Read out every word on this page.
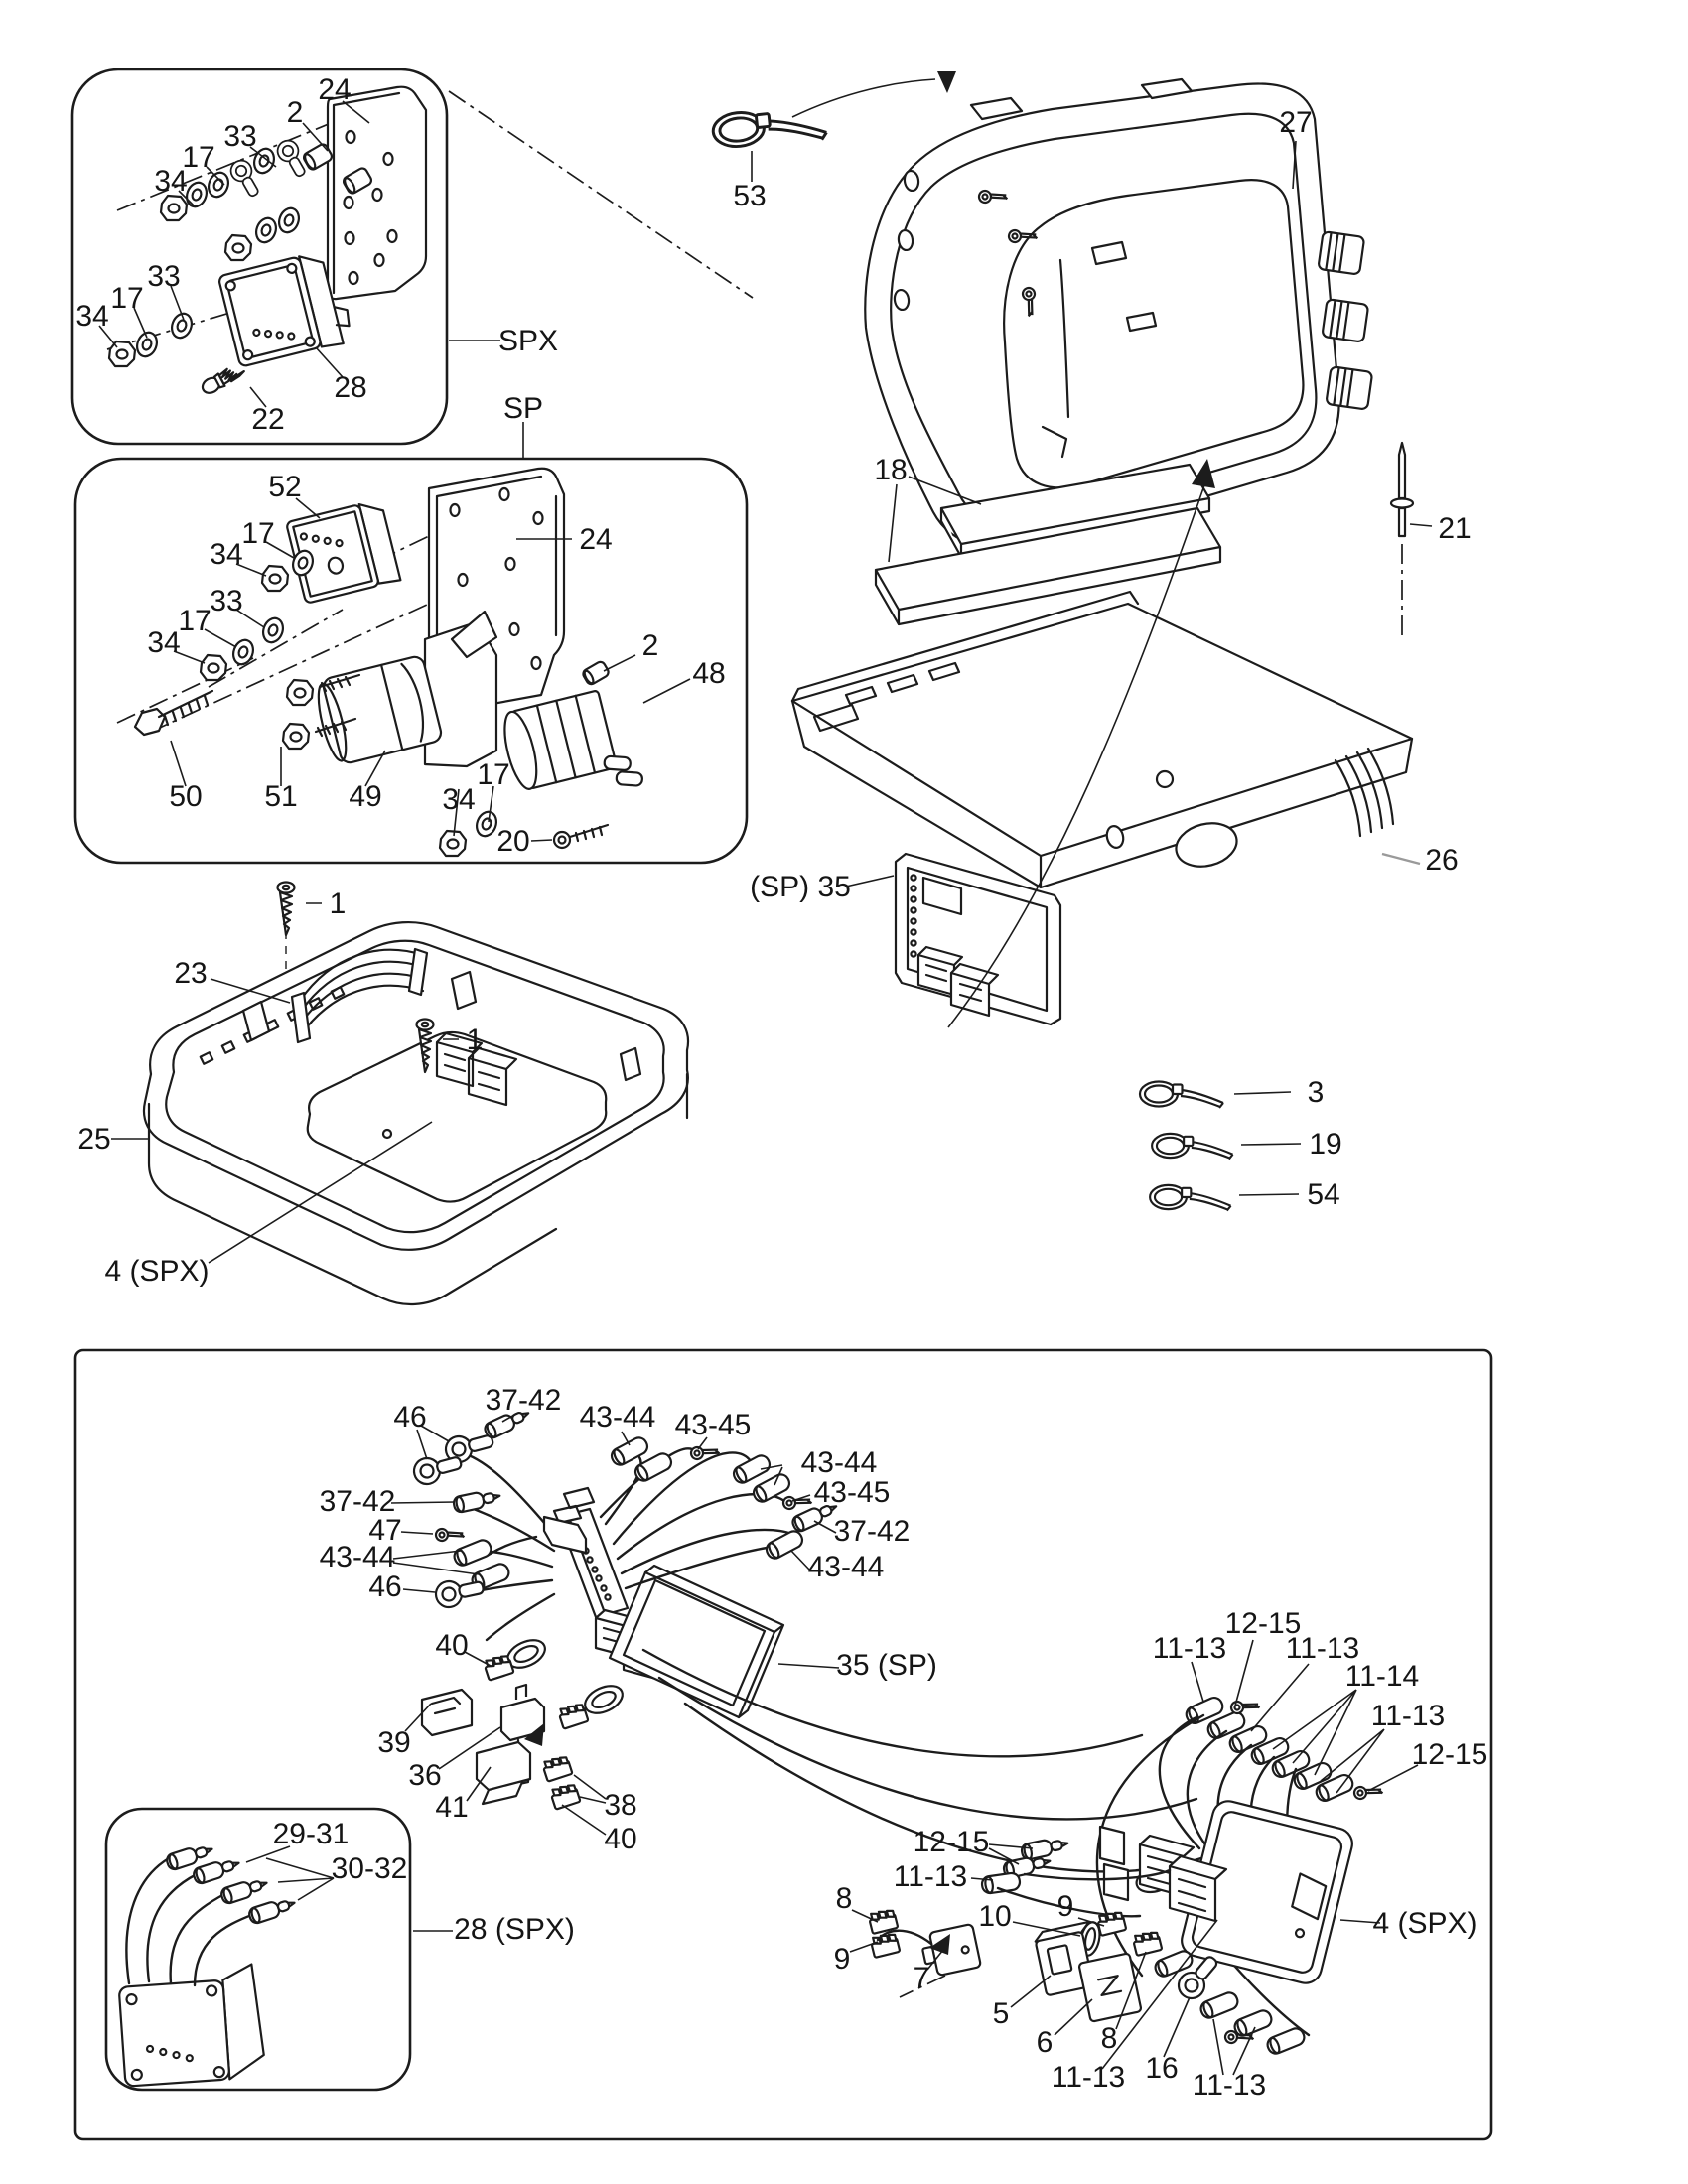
24
2
33
17
34
33
17
34
28
22
SPX
SP
52
17
34
33
17
34
24
2
48
50 51 49 34
17
20
53
27
18
21
26
(SP) 35
3
19
54
1
23
1
25
4 (SPX)
46
37-42
43-44 43-45
43-44
43-45
37-42
43-44
37-42
47
43-44
46
40
39
36
41	38
40
35 (SP)
29-31
30-32
28 (SPX)
12-15
11-13 11-13
11-14
11-13
12-15
12-15
11-13
8
9
10 9
7
5
6 8
11-13 16
11-13
4 (SPX)
